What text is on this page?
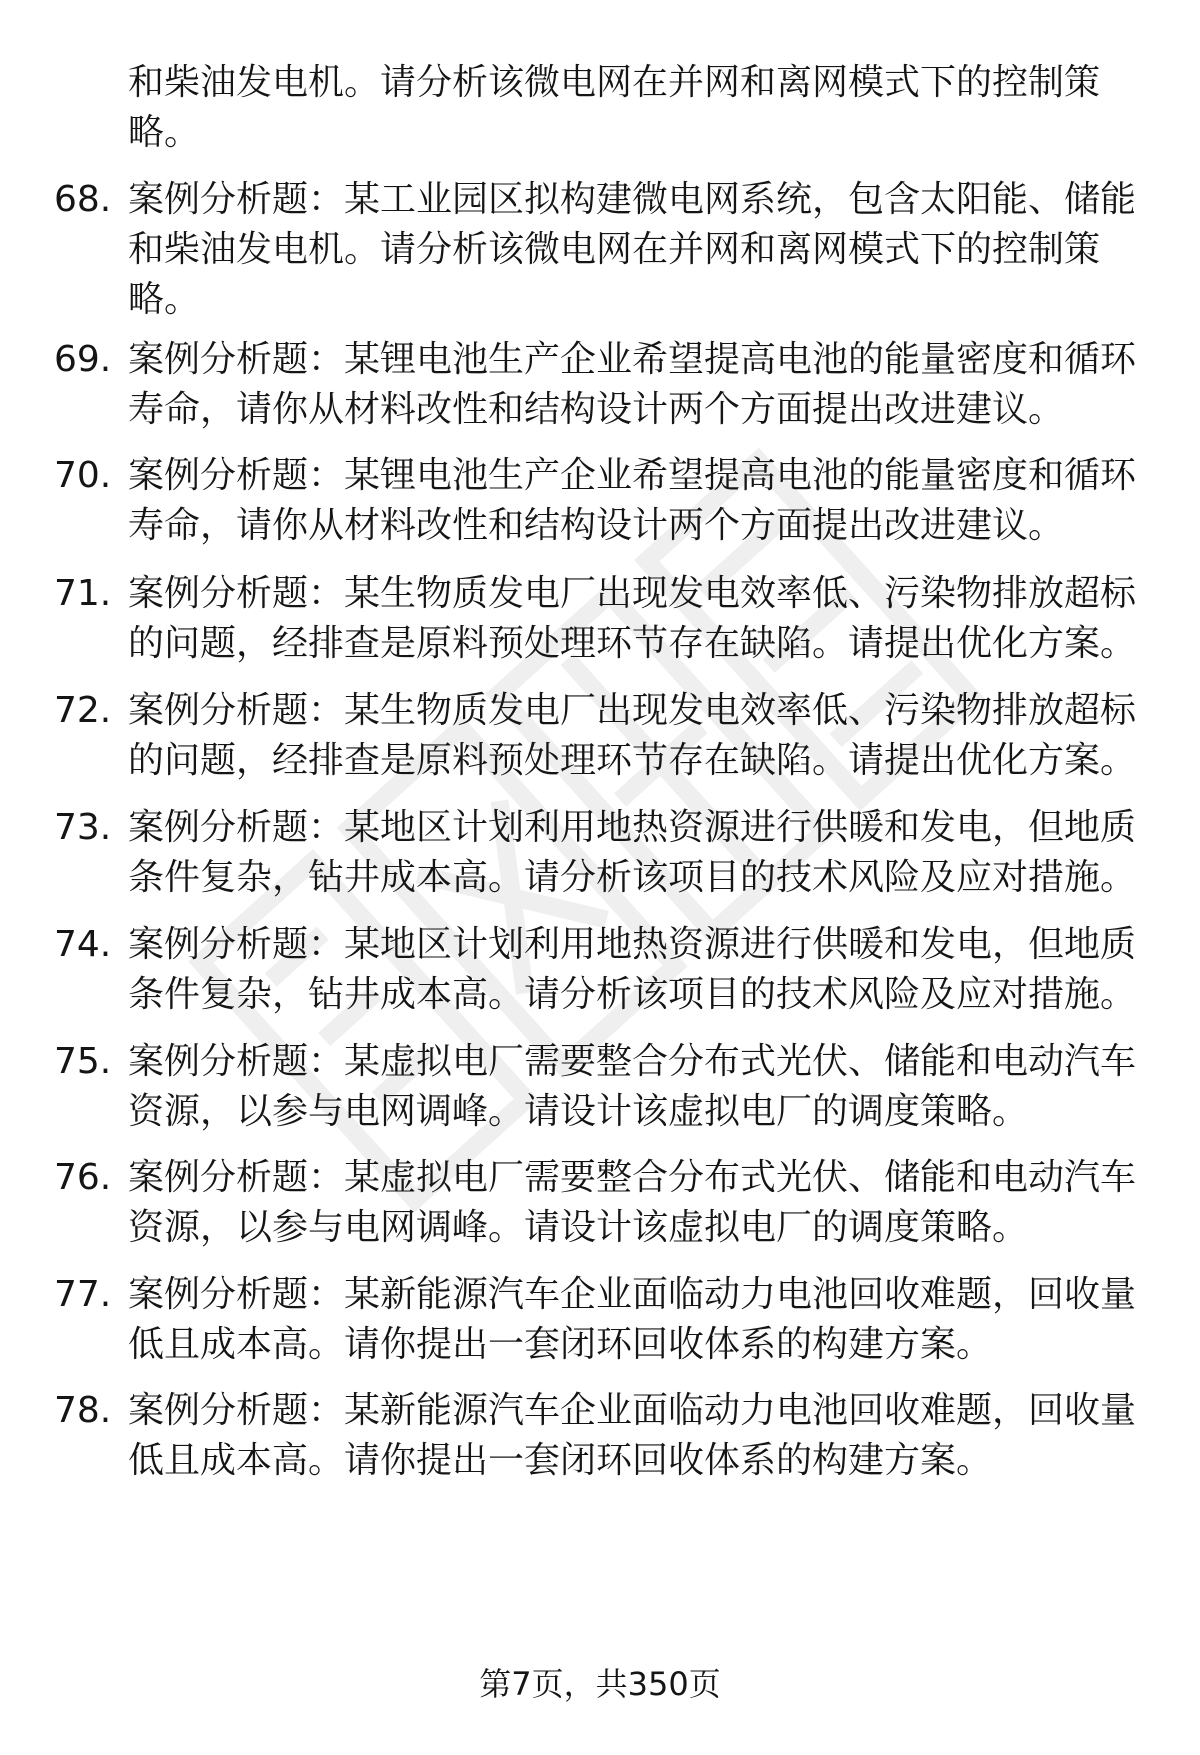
和柴油发电机。请分析该微电网在并网和离网模式下的控制策略。

68. 案例分析题：某工业园区拟构建微电网系统，包含太阳能、储能和柴油发电机。请分析该微电网在并网和离网模式下的控制策略。

69. 案例分析题：某锂电池生产企业希望提高电池的能量密度和循环寿命，请你从材料改性和结构设计两个方面提出改进建议。

70. 案例分析题：某锂电池生产企业希望提高电池的能量密度和循环寿命，请你从材料改性和结构设计两个方面提出改进建议。

71. 案例分析题：某生物质发电厂出现发电效率低、污染物排放超标的问题，经排查是原料预处理环节存在缺陷。请提出优化方案。

72. 案例分析题：某生物质发电厂出现发电效率低、污染物排放超标的问题，经排查是原料预处理环节存在缺陷。请提出优化方案。

73. 案例分析题：某地区计划利用地热资源进行供暖和发电，但地质条件复杂，钻井成本高。请分析该项目的技术风险及应对措施。

74. 案例分析题：某地区计划利用地热资源进行供暖和发电，但地质条件复杂，钻井成本高。请分析该项目的技术风险及应对措施。

75. 案例分析题：某虚拟电厂需要整合分布式光伏、储能和电动汽车资源，以参与电网调峰。请设计该虚拟电厂的调度策略。

76. 案例分析题：某虚拟电厂需要整合分布式光伏、储能和电动汽车资源，以参与电网调峰。请设计该虚拟电厂的调度策略。

77. 案例分析题：某新能源汽车企业面临动力电池回收难题，回收量低且成本高。请你提出一套闭环回收体系的构建方案。

78. 案例分析题：某新能源汽车企业面临动力电池回收难题，回收量低且成本高。请你提出一套闭环回收体系的构建方案。

第7页，共350页
